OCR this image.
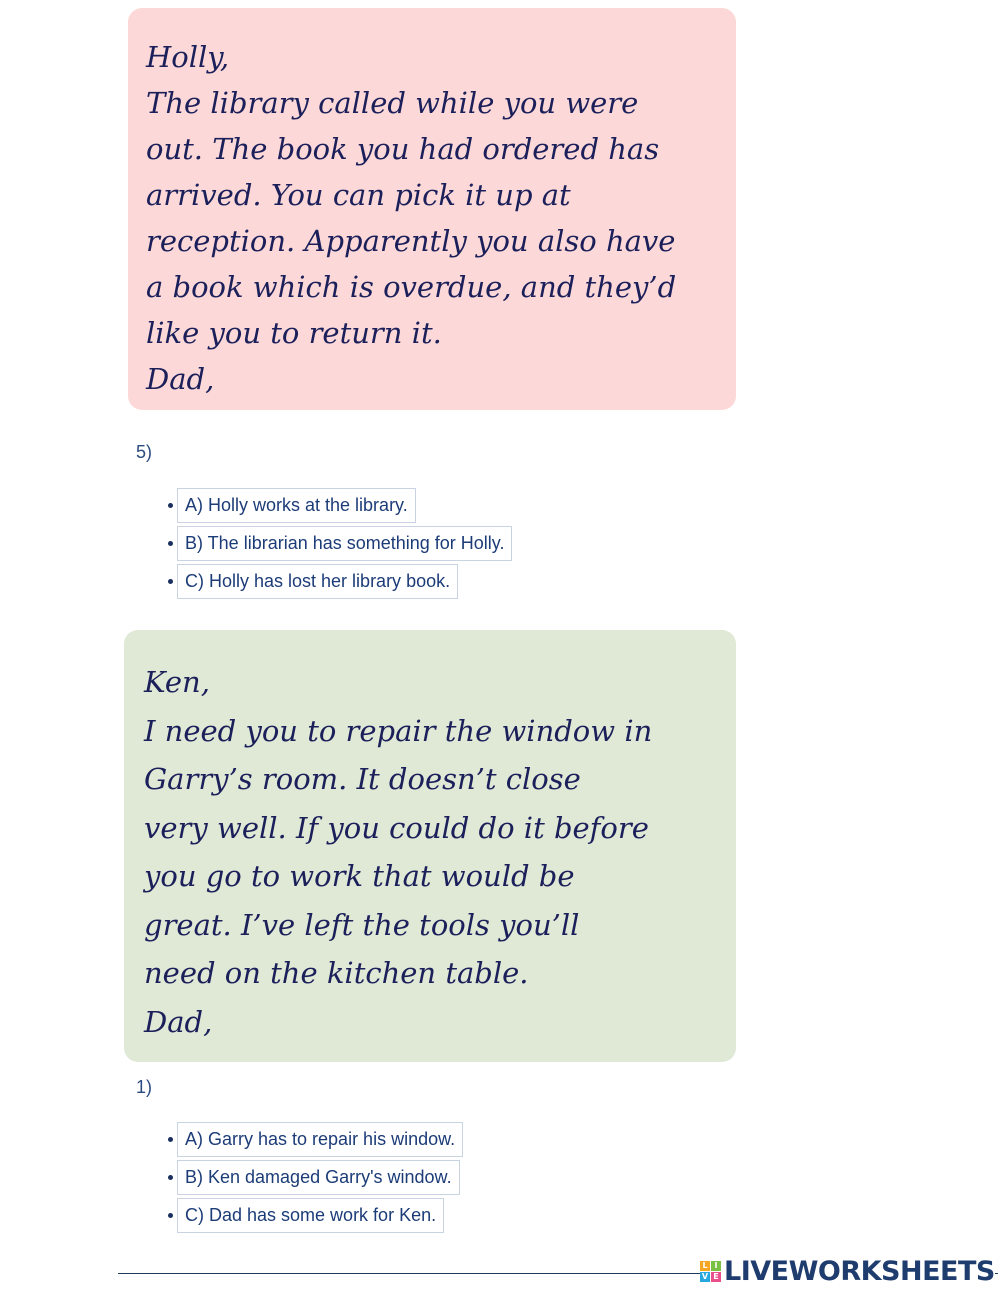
Holly,
The library called while you were
out. The book you had ordered has
arrived. You can pick it up at
reception. Apparently you also have
a book which is overdue, and they’d
like you to return it.
Dad,
5)
A) Holly works at the library.
B) The librarian has something for Holly.
C) Holly has lost her library book.
Ken,
I need you to repair the window in
Garry’s room. It doesn’t close
very well. If you could do it before
you go to work that would be
great. I’ve left the tools you’ll
need on the kitchen table.
Dad,
1)
A) Garry has to repair his window.
B) Ken damaged Garry's window.
C) Dad has some work for Ken.
L I
V E LIVEWORKSHEETS
